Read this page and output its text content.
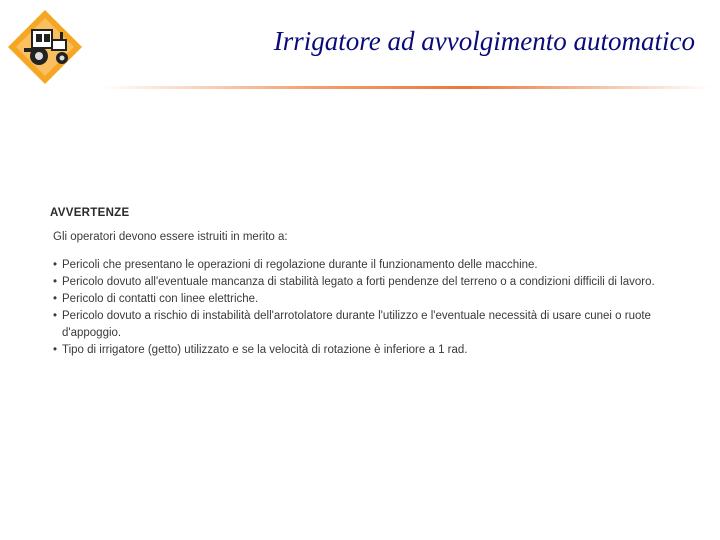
Irrigatore ad avvolgimento automatico
AVVERTENZE
Gli operatori devono essere istruiti in merito a:
• Pericoli che presentano le operazioni di regolazione durante il funzionamento delle macchine.
• Pericolo dovuto all'eventuale mancanza di stabilità legato a forti pendenze del terreno o a condizioni difficili di lavoro.
• Pericolo di contatti con linee elettriche.
• Pericolo dovuto a rischio di instabilità dell'arrotolatore durante l'utilizzo e l'eventuale necessità di usare cunei o ruote d'appoggio.
• Tipo di irrigatore (getto) utilizzato e se la velocità di rotazione è inferiore a 1 rad.
